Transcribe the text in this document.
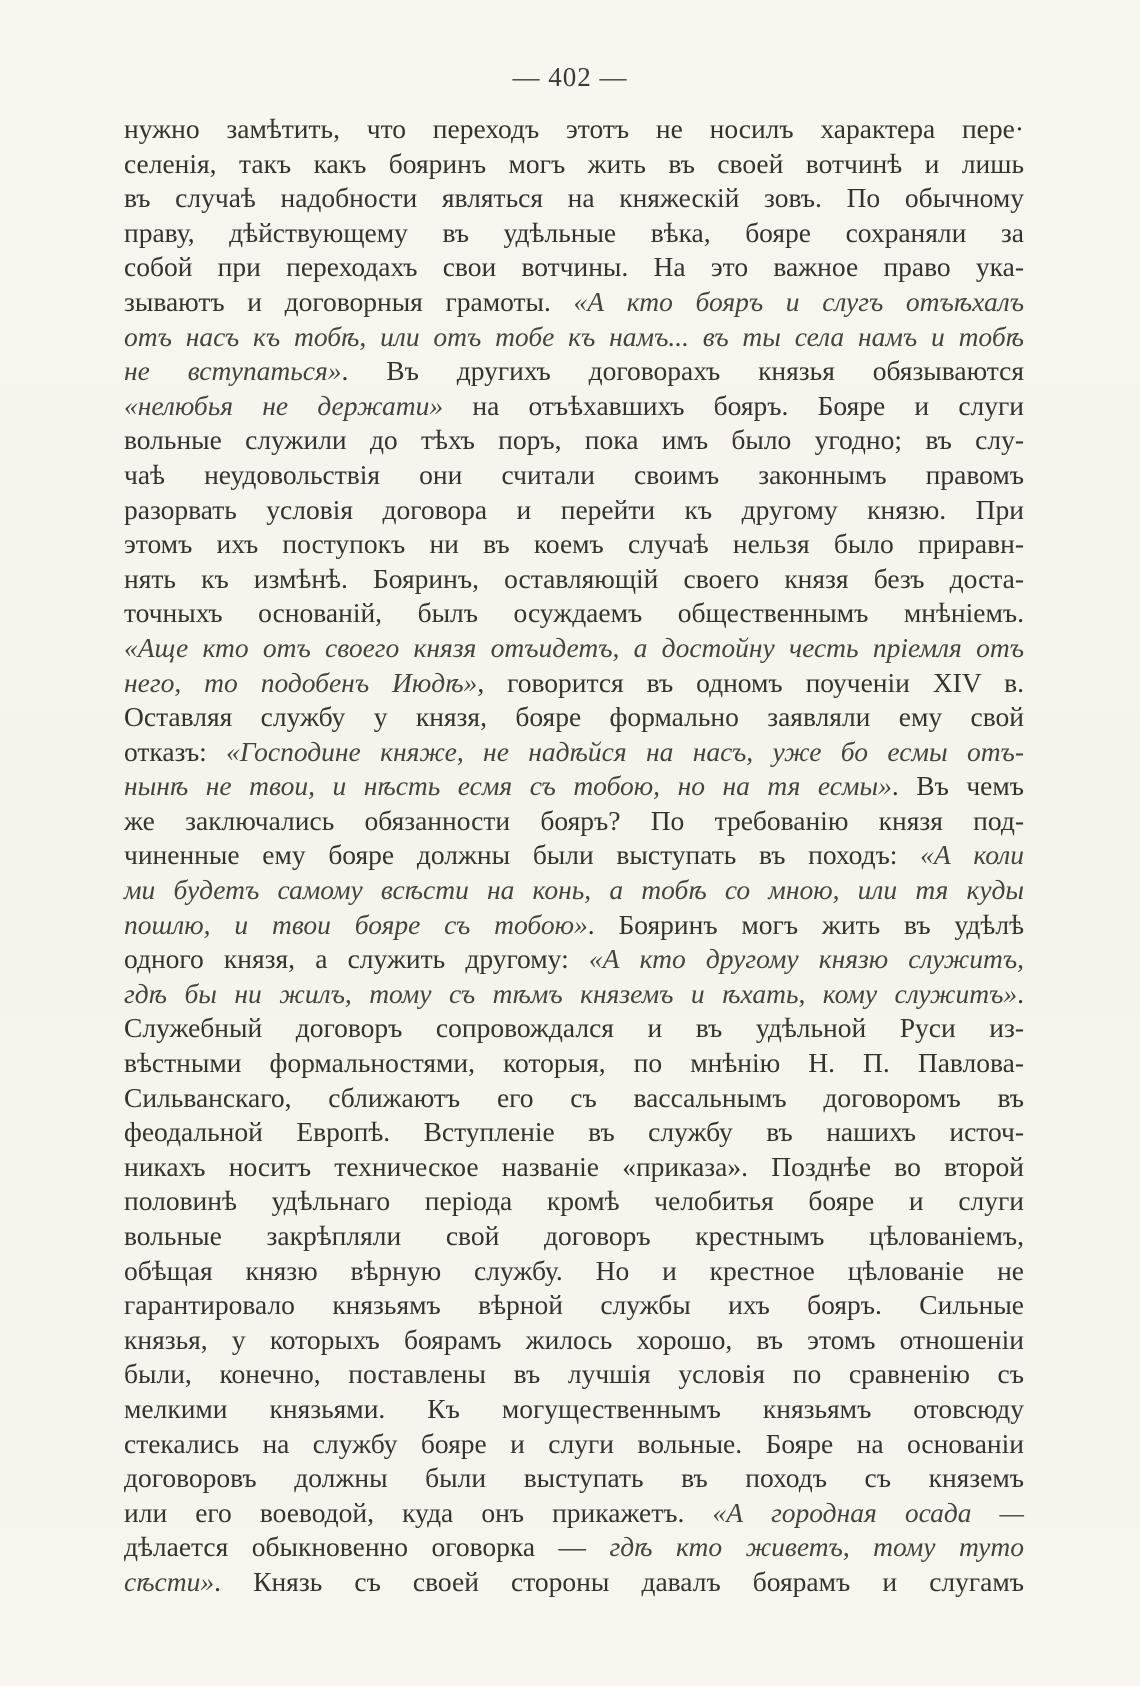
— 402 —
нужно замѣтить, что переходъ этотъ не носилъ характера пере·
селенія, такъ какъ бояринъ могъ жить въ своей вотчинѣ и лишь
въ случаѣ надобности являться на княжескій зовъ. По обычному
праву, дѣйствующему въ удѣльные вѣка, бояре сохраняли за
собой при переходахъ свои вотчины. На это важное право ука-
зываютъ и договорныя грамоты. «А кто бояръ и слугъ отъѣхалъ
отъ насъ къ тобѣ, или отъ тобе къ намъ... въ ты села намъ и тобѣ
не вступаться». Въ другихъ договорахъ князья обязываются
«нелюбья не держати» на отъѣхавшихъ бояръ. Бояре и слуги
вольные служили до тѣхъ поръ, пока имъ было угодно; въ слу-
чаѣ неудовольствія они считали своимъ законнымъ правомъ
разорвать условія договора и перейти къ другому князю. При
этомъ ихъ поступокъ ни въ коемъ случаѣ нельзя было приравн-
нять къ измѣнѣ. Бояринъ, оставляющій своего князя безъ доста-
точныхъ основаній, былъ осуждаемъ общественнымъ мнѣніемъ.
«Аще кто отъ своего князя отъидетъ, а достойну честь пріемля отъ
него, то подобенъ Июдѣ», говорится въ одномъ поученіи XIV в.
Оставляя службу у князя, бояре формально заявляли ему свой
отказъ: «Господине княже, не надѣйся на насъ, уже бо есмы отъ-
нынѣ не твои, и нѣсть есмя съ тобою, но на тя есмы». Въ чемъ
же заключались обязанности бояръ? По требованію князя под-
чиненные ему бояре должны были выступать въ походъ: «А коли
ми будетъ самому всѣсти на конь, а тобѣ со мною, или тя куды
пошлю, и твои бояре съ тобою». Бояринъ могъ жить въ удѣлѣ
одного князя, а служить другому: «А кто другому князю служитъ,
гдѣ бы ни жилъ, тому съ тѣмъ княземъ и ѣхать, кому служитъ».
Служебный договоръ сопровождался и въ удѣльной Руси из-
вѣстными формальностями, которыя, по мнѣнію Н. П. Павлова-
Сильванскаго, сближаютъ его съ вассальнымъ договоромъ въ
феодальной Европѣ. Вступленіе въ службу въ нашихъ источ-
никахъ носитъ техническое названіе «приказа». Позднѣе во второй
половинѣ удѣльнаго періода кромѣ челобитья бояре и слуги
вольные закрѣпляли свой договоръ крестнымъ цѣлованіемъ,
обѣщая князю вѣрную службу. Но и крестное цѣлованіе не
гарантировало князьямъ вѣрной службы ихъ бояръ. Сильные
князья, у которыхъ боярамъ жилось хорошо, въ этомъ отношеніи
были, конечно, поставлены въ лучшія условія по сравненію съ
мелкими князьями. Къ могущественнымъ князьямъ отовсюду
стекались на службу бояре и слуги вольные. Бояре на основаніи
договоровъ должны были выступать въ походъ съ княземъ
или его воеводой, куда онъ прикажетъ. «А городная осада —
дѣлается обыкновенно оговорка — гдѣ кто живетъ, тому туто
сѣсти». Князь съ своей стороны давалъ боярамъ и слугамъ
